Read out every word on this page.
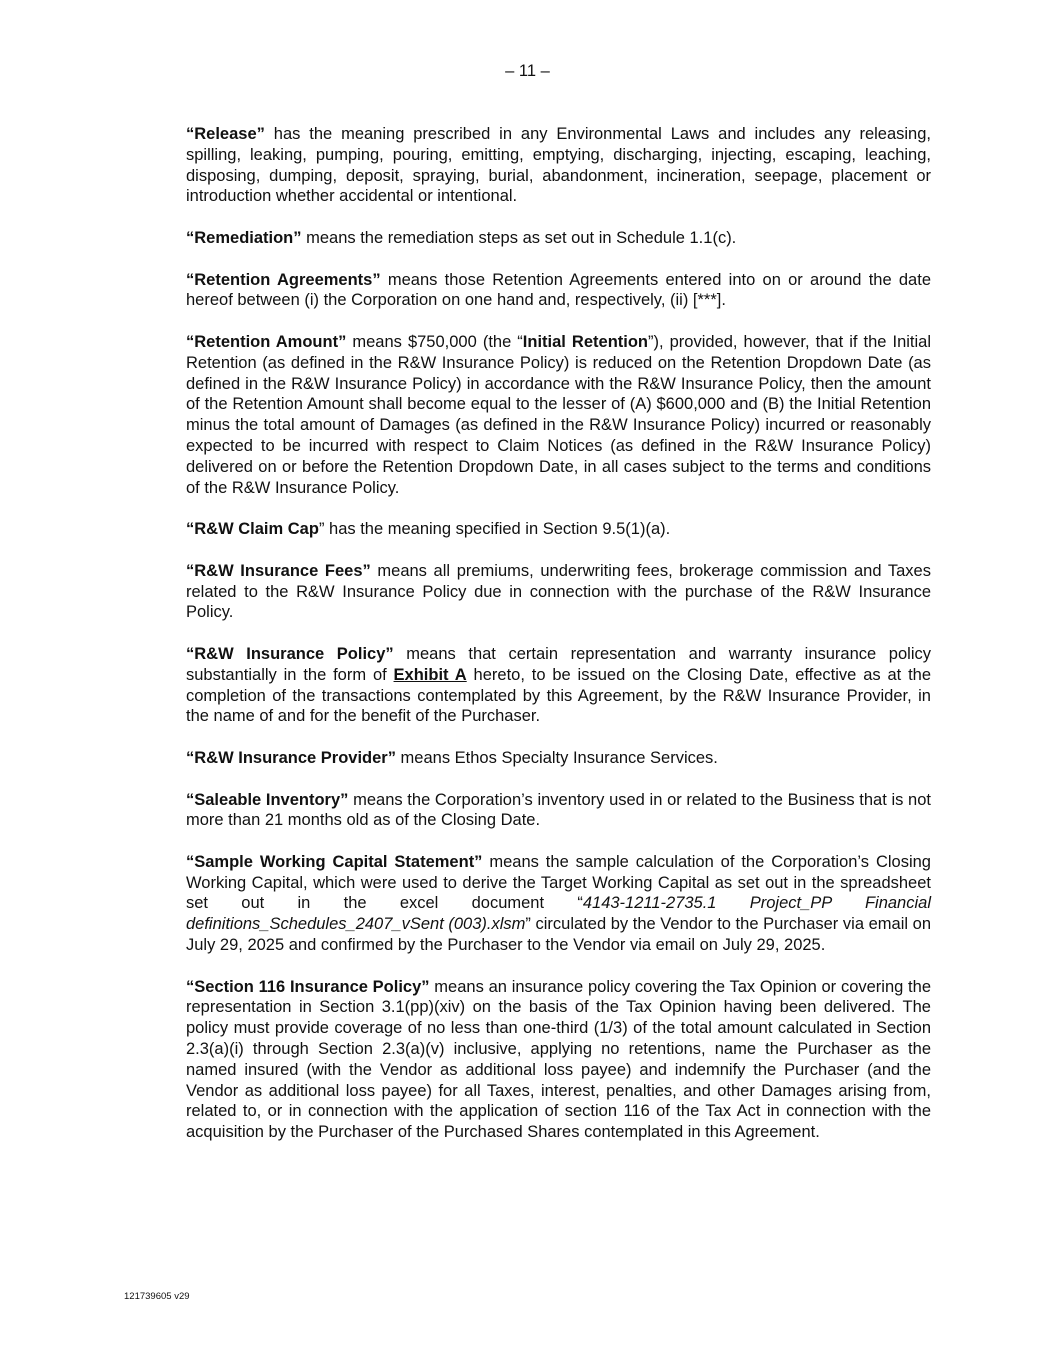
– 11 –

“Release” has the meaning prescribed in any Environmental Laws and includes any releasing, spilling, leaking, pumping, pouring, emitting, emptying, discharging, injecting, escaping, leaching, disposing, dumping, deposit, spraying, burial, abandonment, incineration, seepage, placement or introduction whether accidental or intentional.

“Remediation” means the remediation steps as set out in Schedule 1.1(c).

“Retention Agreements” means those Retention Agreements entered into on or around the date hereof between (i) the Corporation on one hand and, respectively, (ii) [***].

“Retention Amount” means $750,000 (the “Initial Retention”), provided, however, that if the Initial Retention (as defined in the R&W Insurance Policy) is reduced on the Retention Dropdown Date (as defined in the R&W Insurance Policy) in accordance with the R&W Insurance Policy, then the amount of the Retention Amount shall become equal to the lesser of (A) $600,000 and (B) the Initial Retention minus the total amount of Damages (as defined in the R&W Insurance Policy) incurred or reasonably expected to be incurred with respect to Claim Notices (as defined in the R&W Insurance Policy) delivered on or before the Retention Dropdown Date, in all cases subject to the terms and conditions of the R&W Insurance Policy.

“R&W Claim Cap” has the meaning specified in Section 9.5(1)(a).

“R&W Insurance Fees” means all premiums, underwriting fees, brokerage commission and Taxes related to the R&W Insurance Policy due in connection with the purchase of the R&W Insurance Policy.

“R&W Insurance Policy” means that certain representation and warranty insurance policy substantially in the form of Exhibit A hereto, to be issued on the Closing Date, effective as at the completion of the transactions contemplated by this Agreement, by the R&W Insurance Provider, in the name of and for the benefit of the Purchaser.

“R&W Insurance Provider” means Ethos Specialty Insurance Services.

“Saleable Inventory” means the Corporation’s inventory used in or related to the Business that is not more than 21 months old as of the Closing Date.

“Sample Working Capital Statement” means the sample calculation of the Corporation’s Closing Working Capital, which were used to derive the Target Working Capital as set out in the spreadsheet set out in the excel document “4143-1211-2735.1 Project_PP Financial definitions_Schedules_2407_vSent (003).xlsm” circulated by the Vendor to the Purchaser via email on July 29, 2025 and confirmed by the Purchaser to the Vendor via email on July 29, 2025.

“Section 116 Insurance Policy” means an insurance policy covering the Tax Opinion or covering the representation in Section 3.1(pp)(xiv) on the basis of the Tax Opinion having been delivered. The policy must provide coverage of no less than one-third (1/3) of the total amount calculated in Section 2.3(a)(i) through Section 2.3(a)(v) inclusive, applying no retentions, name the Purchaser as the named insured (with the Vendor as additional loss payee) and indemnify the Purchaser (and the Vendor as additional loss payee) for all Taxes, interest, penalties, and other Damages arising from, related to, or in connection with the application of section 116 of the Tax Act in connection with the acquisition by the Purchaser of the Purchased Shares contemplated in this Agreement.

121739605 v29
